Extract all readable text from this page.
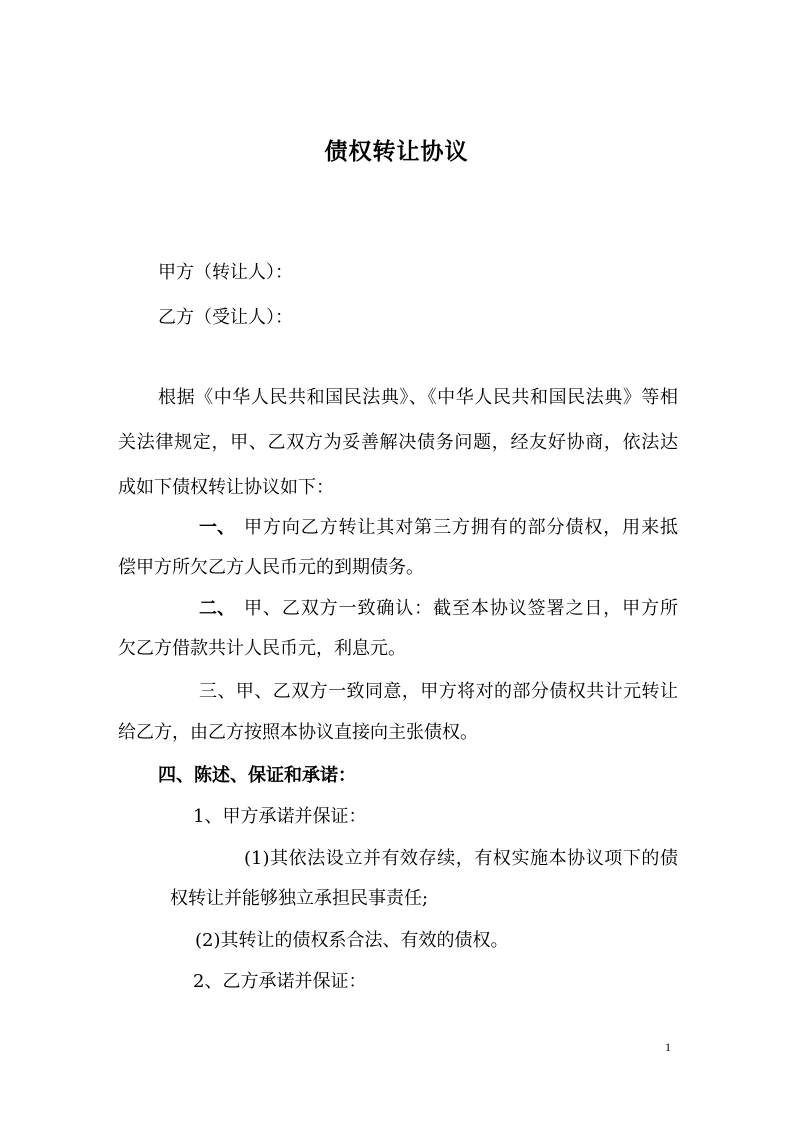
债权转让协议
甲方（转让人）：
乙方（受让人）：
根据《中华人民共和国民法典》、《中华人民共和国民法典》等相
关法律规定，甲、乙双方为妥善解决债务问题，经友好协商，依法达
成如下债权转让协议如下：
一、 甲方向乙方转让其对第三方拥有的部分债权，用来抵
偿甲方所欠乙方人民币元的到期债务。
二、 甲、乙双方一致确认：截至本协议签署之日，甲方所
欠乙方借款共计人民币元，利息元。
三、甲、乙双方一致同意，甲方将对的部分债权共计元转让
给乙方，由乙方按照本协议直接向主张债权。
四、陈述、保证和承诺：
1、甲方承诺并保证：
(1)其依法设立并有效存续，有权实施本协议项下的债
权转让并能够独立承担民事责任;
(2)其转让的债权系合法、有效的债权。
2、乙方承诺并保证：
1
